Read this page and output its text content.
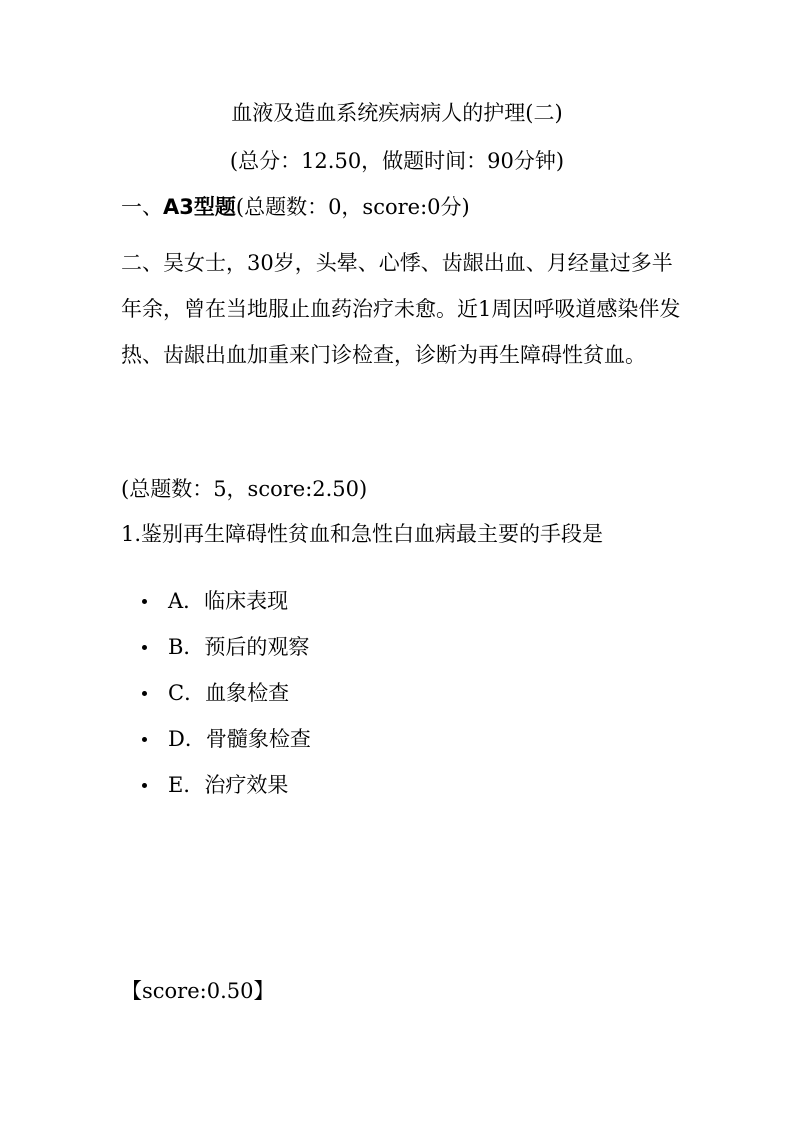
血液及造血系统疾病病人的护理(二)
(总分：12.50，做题时间：90分钟)
一、A3型题(总题数：0，score:0分)
二、吴女士，30岁，头晕、心悸、齿龈出血、月经量过多半年余，曾在当地服止血药治疗未愈。近1周因呼吸道感染伴发热、齿龈出血加重来门诊检查，诊断为再生障碍性贫血。
(总题数：5，score:2.50)
1.鉴别再生障碍性贫血和急性白血病最主要的手段是
A．临床表现
B．预后的观察
C．血象检查
D．骨髓象检查
E．治疗效果
【score:0.50】
